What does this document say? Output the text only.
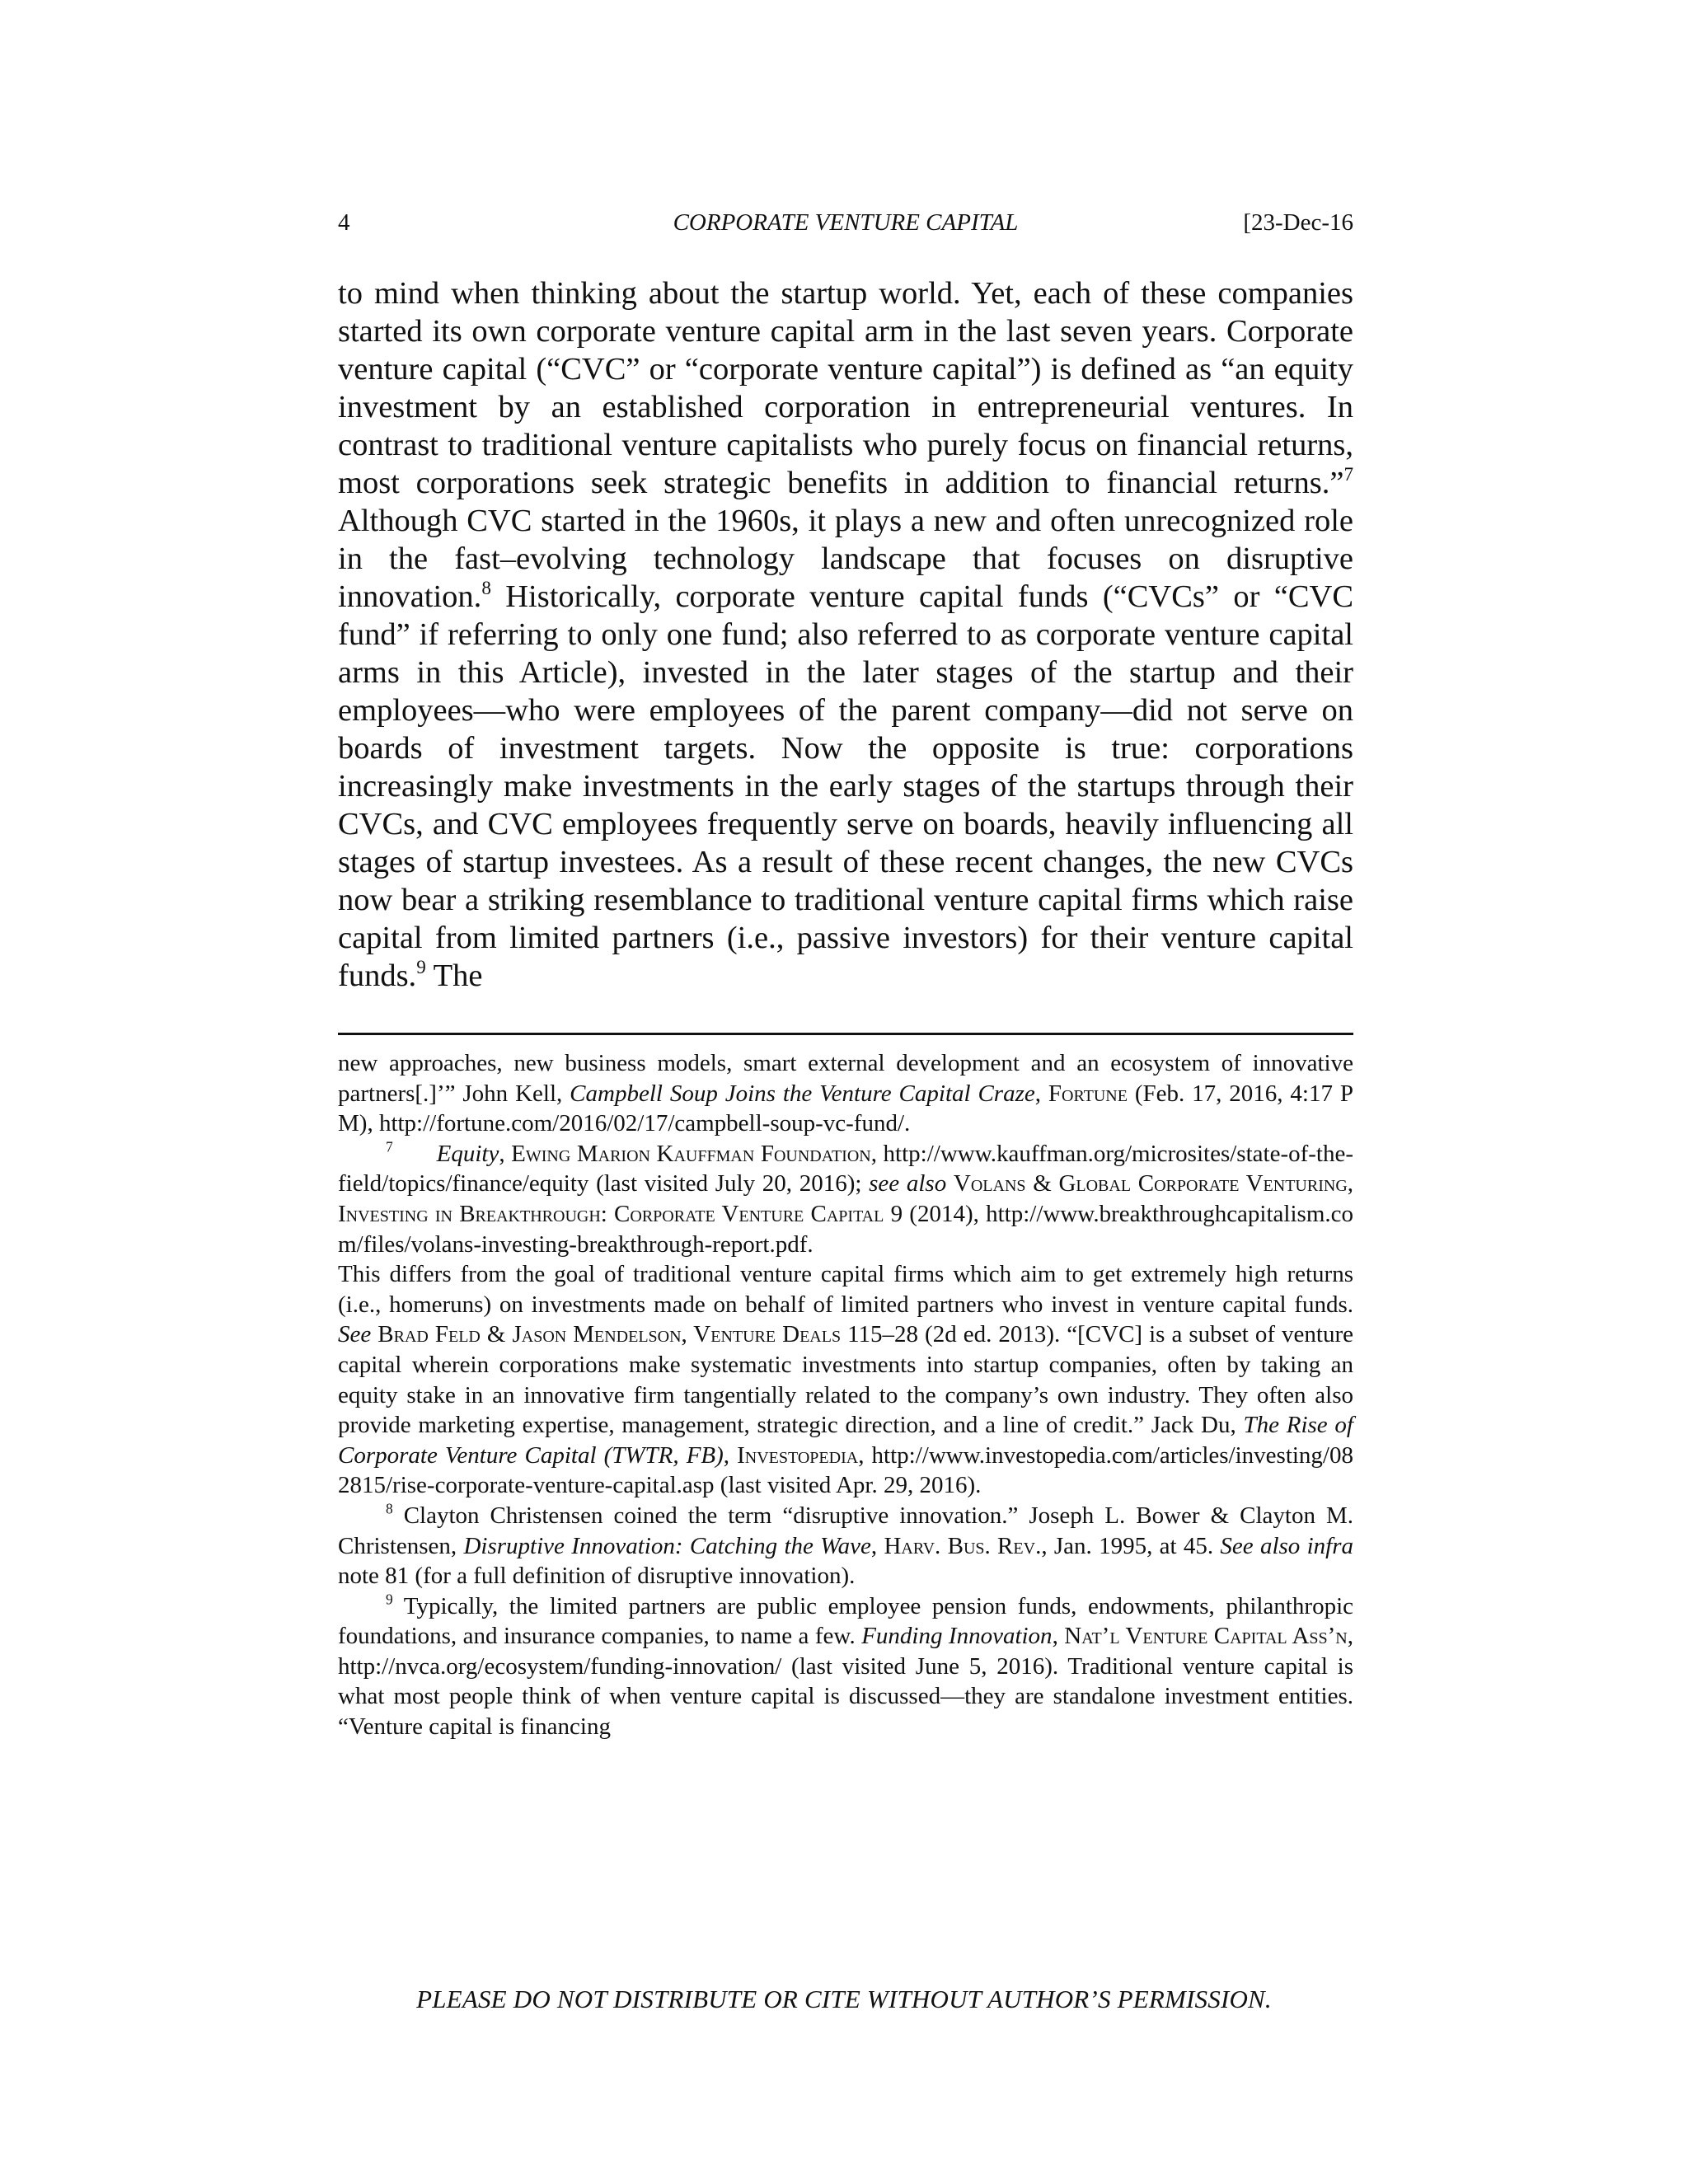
4	CORPORATE VENTURE CAPITAL	[23-Dec-16

to mind when thinking about the startup world. Yet, each of these companies started its own corporate venture capital arm in the last seven years. Corporate venture capital (“CVC” or “corporate venture capital”) is defined as “an equity investment by an established corporation in entrepreneurial ventures. In contrast to traditional venture capitalists who purely focus on financial returns, most corporations seek strategic benefits in addition to financial returns.”$^7$ Although CVC started in the 1960s, it plays a new and often unrecognized role in the fast–evolving technology landscape that focuses on disruptive innovation.$^8$ Historically, corporate venture capital funds (“CVCs” or “CVC fund” if referring to only one fund; also referred to as corporate venture capital arms in this Article), invested in the later stages of the startup and their employees—who were employees of the parent company—did not serve on boards of investment targets. Now the opposite is true: corporations increasingly make investments in the early stages of the startups through their CVCs, and CVC employees frequently serve on boards, heavily influencing all stages of startup investees. As a result of these recent changes, the new CVCs now bear a striking resemblance to traditional venture capital firms which raise capital from limited partners (i.e., passive investors) for their venture capital funds.$^9$ The

new approaches, new business models, smart external development and an ecosystem of innovative partners[.]’” John Kell, Campbell Soup Joins the Venture Capital Craze, Fortune (Feb. 17, 2016, 4:17 PM), http://fortune.com/2016/02/17/campbell-soup-vc-fund/.

$^7$ Equity, Ewing Marion Kauffman Foundation, http://www.kauffman.org/microsites/state-of-the-field/topics/finance/equity (last visited July 20, 2016); see also Volans & Global Corporate Venturing, Investing in Breakthrough: Corporate Venture Capital 9 (2014), http://www.breakthroughcapitalism.com/files/volans-investing-breakthrough-report.pdf.

This differs from the goal of traditional venture capital firms which aim to get extremely high returns (i.e., homeruns) on investments made on behalf of limited partners who invest in venture capital funds. See Brad Feld & Jason Mendelson, Venture Deals 115–28 (2d ed. 2013). “[CVC] is a subset of venture capital wherein corporations make systematic investments into startup companies, often by taking an equity stake in an innovative firm tangentially related to the company’s own industry. They often also provide marketing expertise, management, strategic direction, and a line of credit.” Jack Du, The Rise of Corporate Venture Capital (TWTR, FB), Investopedia, http://www.investopedia.com/articles/investing/082815/rise-corporate-venture-capital.asp (last visited Apr. 29, 2016).

$^8$ Clayton Christensen coined the term “disruptive innovation.” Joseph L. Bower & Clayton M. Christensen, Disruptive Innovation: Catching the Wave, Harv. Bus. Rev., Jan. 1995, at 45. See also infra note 81 (for a full definition of disruptive innovation).

$^9$ Typically, the limited partners are public employee pension funds, endowments, philanthropic foundations, and insurance companies, to name a few. Funding Innovation, Nat’l Venture Capital Ass’n, http://nvca.org/ecosystem/funding-innovation/ (last visited June 5, 2016). Traditional venture capital is what most people think of when venture capital is discussed—they are standalone investment entities. “Venture capital is financing

PLEASE DO NOT DISTRIBUTE OR CITE WITHOUT AUTHOR’S PERMISSION.
